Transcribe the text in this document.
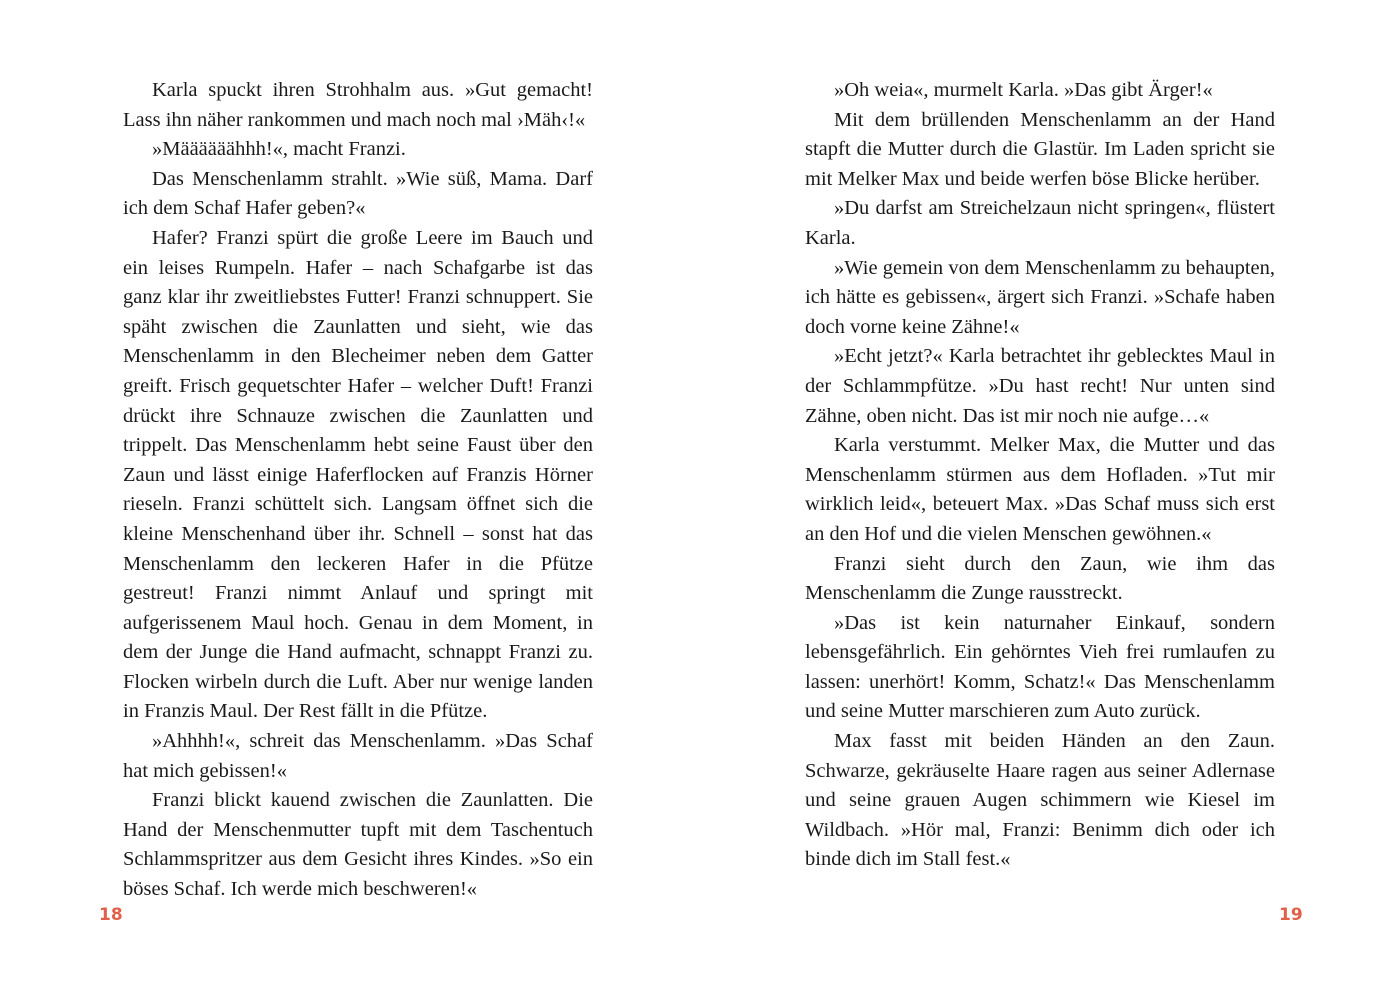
Karla spuckt ihren Strohhalm aus. »Gut gemacht! Lass ihn näher rankommen und mach noch mal ›Mäh‹!«

»Määäääähhh!«, macht Franzi.

Das Menschenlamm strahlt. »Wie süß, Mama. Darf ich dem Schaf Hafer geben?«

Hafer? Franzi spürt die große Leere im Bauch und ein leises Rumpeln. Hafer – nach Schafgarbe ist das ganz klar ihr zweitliebstes Futter! Franzi schnuppert. Sie späht zwischen die Zaunlatten und sieht, wie das Menschenlamm in den Blecheimer neben dem Gatter greift. Frisch gequetschter Hafer – welcher Duft! Franzi drückt ihre Schnauze zwischen die Zaunlatten und trippelt. Das Menschenlamm hebt seine Faust über den Zaun und lässt einige Haferflocken auf Franzis Hörner rieseln. Franzi schüttelt sich. Langsam öffnet sich die kleine Menschenhand über ihr. Schnell – sonst hat das Menschenlamm den leckeren Hafer in die Pfütze gestreut! Franzi nimmt Anlauf und springt mit aufgerissenem Maul hoch. Genau in dem Moment, in dem der Junge die Hand aufmacht, schnappt Franzi zu. Flocken wirbeln durch die Luft. Aber nur wenige landen in Franzis Maul. Der Rest fällt in die Pfütze.

»Ahhhh!«, schreit das Menschenlamm. »Das Schaf hat mich gebissen!«

Franzi blickt kauend zwischen die Zaunlatten. Die Hand der Menschenmutter tupft mit dem Taschentuch Schlammspritzer aus dem Gesicht ihres Kindes. »So ein böses Schaf. Ich werde mich beschweren!«

18

»Oh weia«, murmelt Karla. »Das gibt Ärger!«

Mit dem brüllenden Menschenlamm an der Hand stapft die Mutter durch die Glastür. Im Laden spricht sie mit Melker Max und beide werfen böse Blicke herüber.

»Du darfst am Streichelzaun nicht springen«, flüstert Karla.

»Wie gemein von dem Menschenlamm zu behaupten, ich hätte es gebissen«, ärgert sich Franzi. »Schafe haben doch vorne keine Zähne!«

»Echt jetzt?« Karla betrachtet ihr geblecktes Maul in der Schlammpfütze. »Du hast recht! Nur unten sind Zähne, oben nicht. Das ist mir noch nie aufge…«

Karla verstummt. Melker Max, die Mutter und das Menschenlamm stürmen aus dem Hofladen. »Tut mir wirklich leid«, beteuert Max. »Das Schaf muss sich erst an den Hof und die vielen Menschen gewöhnen.«

Franzi sieht durch den Zaun, wie ihm das Menschenlamm die Zunge rausstreckt.

»Das ist kein naturnaher Einkauf, sondern lebensgefährlich. Ein gehörntes Vieh frei rumlaufen zu lassen: unerhört! Komm, Schatz!« Das Menschenlamm und seine Mutter marschieren zum Auto zurück.

Max fasst mit beiden Händen an den Zaun. Schwarze, gekräuselte Haare ragen aus seiner Adlernase und seine grauen Augen schimmern wie Kiesel im Wildbach. »Hör mal, Franzi: Benimm dich oder ich binde dich im Stall fest.«

19
